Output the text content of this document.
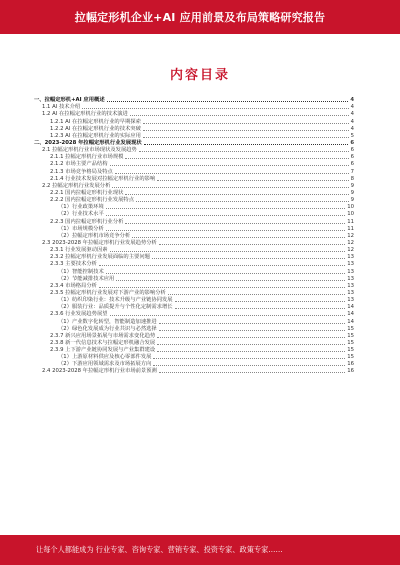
拉幅定形机企业+AI 应用前景及布局策略研究报告
内容目录
一、拉幅定形机+AI 应用概述	4
1.1 AI 技术介绍	4
1.2 AI 在拉幅定形机行业的技术演进	4
1.2.1 AI 在拉幅定形机行业的早期探索	4
1.2.2 AI 在拉幅定形机行业的技术突破	4
1.2.3 AI 在拉幅定形机行业的实际应用	5
二、2023-2028 年拉幅定形机行业发展现状	6
2.1 拉幅定形机行业市场现状及发展趋势	6
2.1.1 拉幅定形机行业市场规模	6
2.1.2 市场主要产品结构	6
2.1.3 市场竞争格局及特点	7
2.1.4 行业技术发展对拉幅定形机行业的影响	8
2.2 拉幅定形机行业发展分析	9
2.2.1 国内拉幅定形机行业现状	9
2.2.2 国内拉幅定形机行业发展特点	9
（1）行业政策环境	10
（2）行业技术水平	10
2.2.3 国内拉幅定形机行业分析	11
（1）市场规模分析	11
（2）拉幅定形机市场竞争分析	12
2.3 2023-2028 年拉幅定形机行业发展趋势分析	12
2.3.1 行业发展驱动因素	12
2.3.2 拉幅定形机行业发展面临的主要问题	13
2.3.3 主要技术分析	13
（1）智能控制技术	13
（2）节能减排技术应用	13
2.3.4 市场格局分析	13
2.3.5 拉幅定形机行业发展对下游产业的影响分析	13
（1）纺织印染行业：技术升级与产业链协同发展	13
（2）服装行业：品质提升与个性化定制需求增长	14
2.3.6 行业发展趋势展望	14
（1）产业数字化转型，智能制造加速推进	14
（2）绿色化发展成为行业共识与必然选择	15
2.3.7 新兴应用场景拓展与市场需求变化趋势	15
2.3.8 新一代信息技术与拉幅定形机融合发展	15
2.3.9 上下游产业链协同发展与产业集群建设	15
（1）上游原材料供应及核心零部件发展	15
（2）下游应用领域需求及市场拓展方向	16
2.4 2023-2028 年拉幅定形机行业市场前景预测	16
让每个人都能成为 行业专家、咨询专家、营销专家、投资专家、政策专家……
